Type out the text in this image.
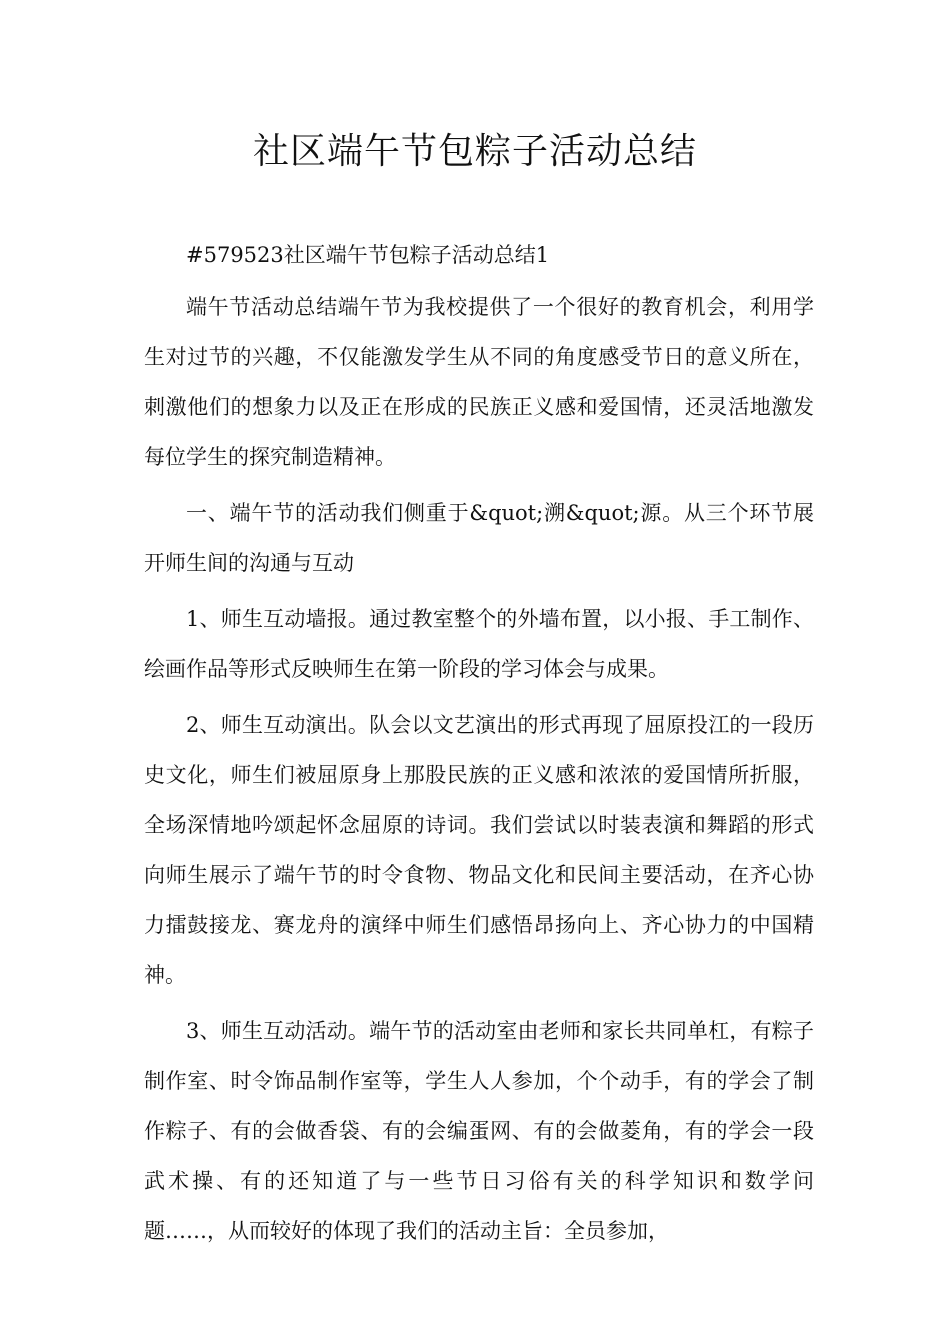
社区端午节包粽子活动总结

#579523社区端午节包粽子活动总结1

端午节活动总结端午节为我校提供了一个很好的教育机会，利用学生对过节的兴趣，不仅能激发学生从不同的角度感受节日的意义所在，刺激他们的想象力以及正在形成的民族正义感和爱国情，还灵活地激发每位学生的探究制造精神。

一、端午节的活动我们侧重于&quot;溯&quot;源。从三个环节展开师生间的沟通与互动

1、师生互动墙报。通过教室整个的外墙布置，以小报、手工制作、绘画作品等形式反映师生在第一阶段的学习体会与成果。

2、师生互动演出。队会以文艺演出的形式再现了屈原投江的一段历史文化，师生们被屈原身上那股民族的正义感和浓浓的爱国情所折服，全场深情地吟颂起怀念屈原的诗词。我们尝试以时装表演和舞蹈的形式向师生展示了端午节的时令食物、物品文化和民间主要活动，在齐心协力擂鼓接龙、赛龙舟的演绎中师生们感悟昂扬向上、齐心协力的中国精神。

3、师生互动活动。端午节的活动室由老师和家长共同单杠，有粽子制作室、时令饰品制作室等，学生人人参加，个个动手，有的学会了制作粽子、有的会做香袋、有的会编蛋网、有的会做菱角，有的学会一段武术操、有的还知道了与一些节日习俗有关的科学知识和数学问题……，从而较好的体现了我们的活动主旨：全员参加，
